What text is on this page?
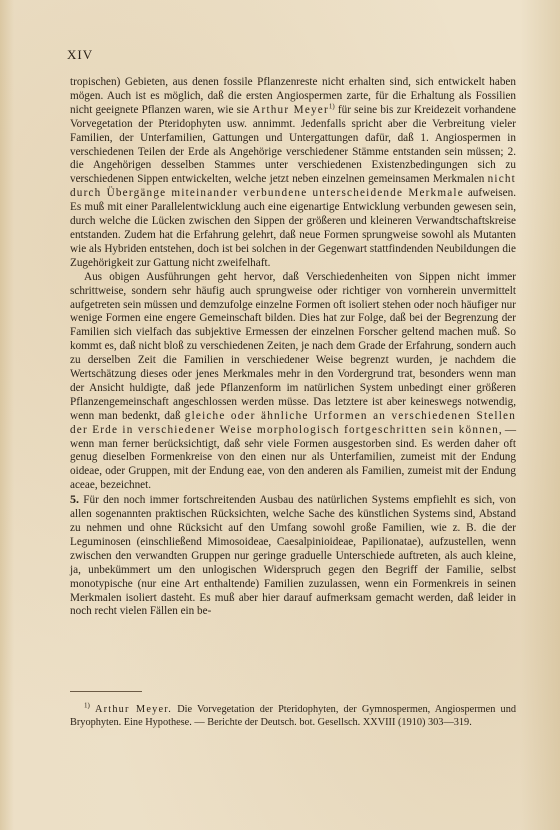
XIV

tropischen) Gebieten, aus denen fossile Pflanzenreste nicht erhalten sind, sich entwickelt haben mögen. Auch ist es möglich, daß die ersten Angiospermen zarte, für die Erhaltung als Fossilien nicht geeignete Pflanzen waren, wie sie Arthur Meyer$^{1)}$ für seine bis zur Kreidezeit vorhandene Vorvegetation der Pteridophyten usw. annimmt. Jedenfalls spricht aber die Verbreitung vieler Familien, der Unterfamilien, Gattungen und Untergattungen dafür, daß 1. Angiospermen in verschiedenen Teilen der Erde als Angehörige verschiedener Stämme entstanden sein müssen; 2. die Angehörigen desselben Stammes unter verschiedenen Existenzbedingungen sich zu verschiedenen Sippen entwickelten, welche jetzt neben einzelnen gemeinsamen Merkmalen nicht durch Übergänge miteinander verbundene unterscheidende Merkmale aufweisen. Es muß mit einer Parallelentwicklung auch eine eigenartige Entwicklung verbunden gewesen sein, durch welche die Lücken zwischen den Sippen der größeren und kleineren Verwandtschaftskreise entstanden. Zudem hat die Erfahrung gelehrt, daß neue Formen sprungweise sowohl als Mutanten wie als Hybriden entstehen, doch ist bei solchen in der Gegenwart stattfindenden Neubildungen die Zugehörigkeit zur Gattung nicht zweifelhaft.

Aus obigen Ausführungen geht hervor, daß Verschiedenheiten von Sippen nicht immer schrittweise, sondern sehr häufig auch sprungweise oder richtiger von vornherein unvermittelt aufgetreten sein müssen und demzufolge einzelne Formen oft isoliert stehen oder noch häufiger nur wenige Formen eine engere Gemeinschaft bilden. Dies hat zur Folge, daß bei der Begrenzung der Familien sich vielfach das subjektive Ermessen der einzelnen Forscher geltend machen muß. So kommt es, daß nicht bloß zu verschiedenen Zeiten, je nach dem Grade der Erfahrung, sondern auch zu derselben Zeit die Familien in verschiedener Weise begrenzt wurden, je nachdem die Wertschätzung dieses oder jenes Merkmales mehr in den Vordergrund trat, besonders wenn man der Ansicht huldigte, daß jede Pflanzenform im natürlichen System unbedingt einer größeren Pflanzengemeinschaft angeschlossen werden müsse. Das letztere ist aber keineswegs notwendig, wenn man bedenkt, daß gleiche oder ähnliche Urformen an verschiedenen Stellen der Erde in verschiedener Weise morphologisch fortgeschritten sein können, — wenn man ferner berücksichtigt, daß sehr viele Formen ausgestorben sind. Es werden daher oft genug dieselben Formenkreise von den einen nur als Unterfamilien, zumeist mit der Endung oideae, oder Gruppen, mit der Endung eae, von den anderen als Familien, zumeist mit der Endung aceae, bezeichnet.

5. Für den noch immer fortschreitenden Ausbau des natürlichen Systems empfiehlt es sich, von allen sogenannten praktischen Rücksichten, welche Sache des künstlichen Systems sind, Abstand zu nehmen und ohne Rücksicht auf den Umfang sowohl große Familien, wie z. B. die der Leguminosen (einschließend Mimosoideae, Caesalpinioideae, Papilionatae), aufzustellen, wenn zwischen den verwandten Gruppen nur geringe graduelle Unterschiede auftreten, als auch kleine, ja, unbekümmert um den unlogischen Widerspruch gegen den Begriff der Familie, selbst monotypische (nur eine Art enthaltende) Familien zuzulassen, wenn ein Formenkreis in seinen Merkmalen isoliert dasteht. Es muß aber hier darauf aufmerksam gemacht werden, daß leider in noch recht vielen Fällen ein be-

$^{1)}$ Arthur Meyer. Die Vorvegetation der Pteridophyten, der Gymnospermen, Angiospermen und Bryophyten. Eine Hypothese. — Berichte der Deutsch. bot. Gesellsch. XXVIII (1910) 303—319.
